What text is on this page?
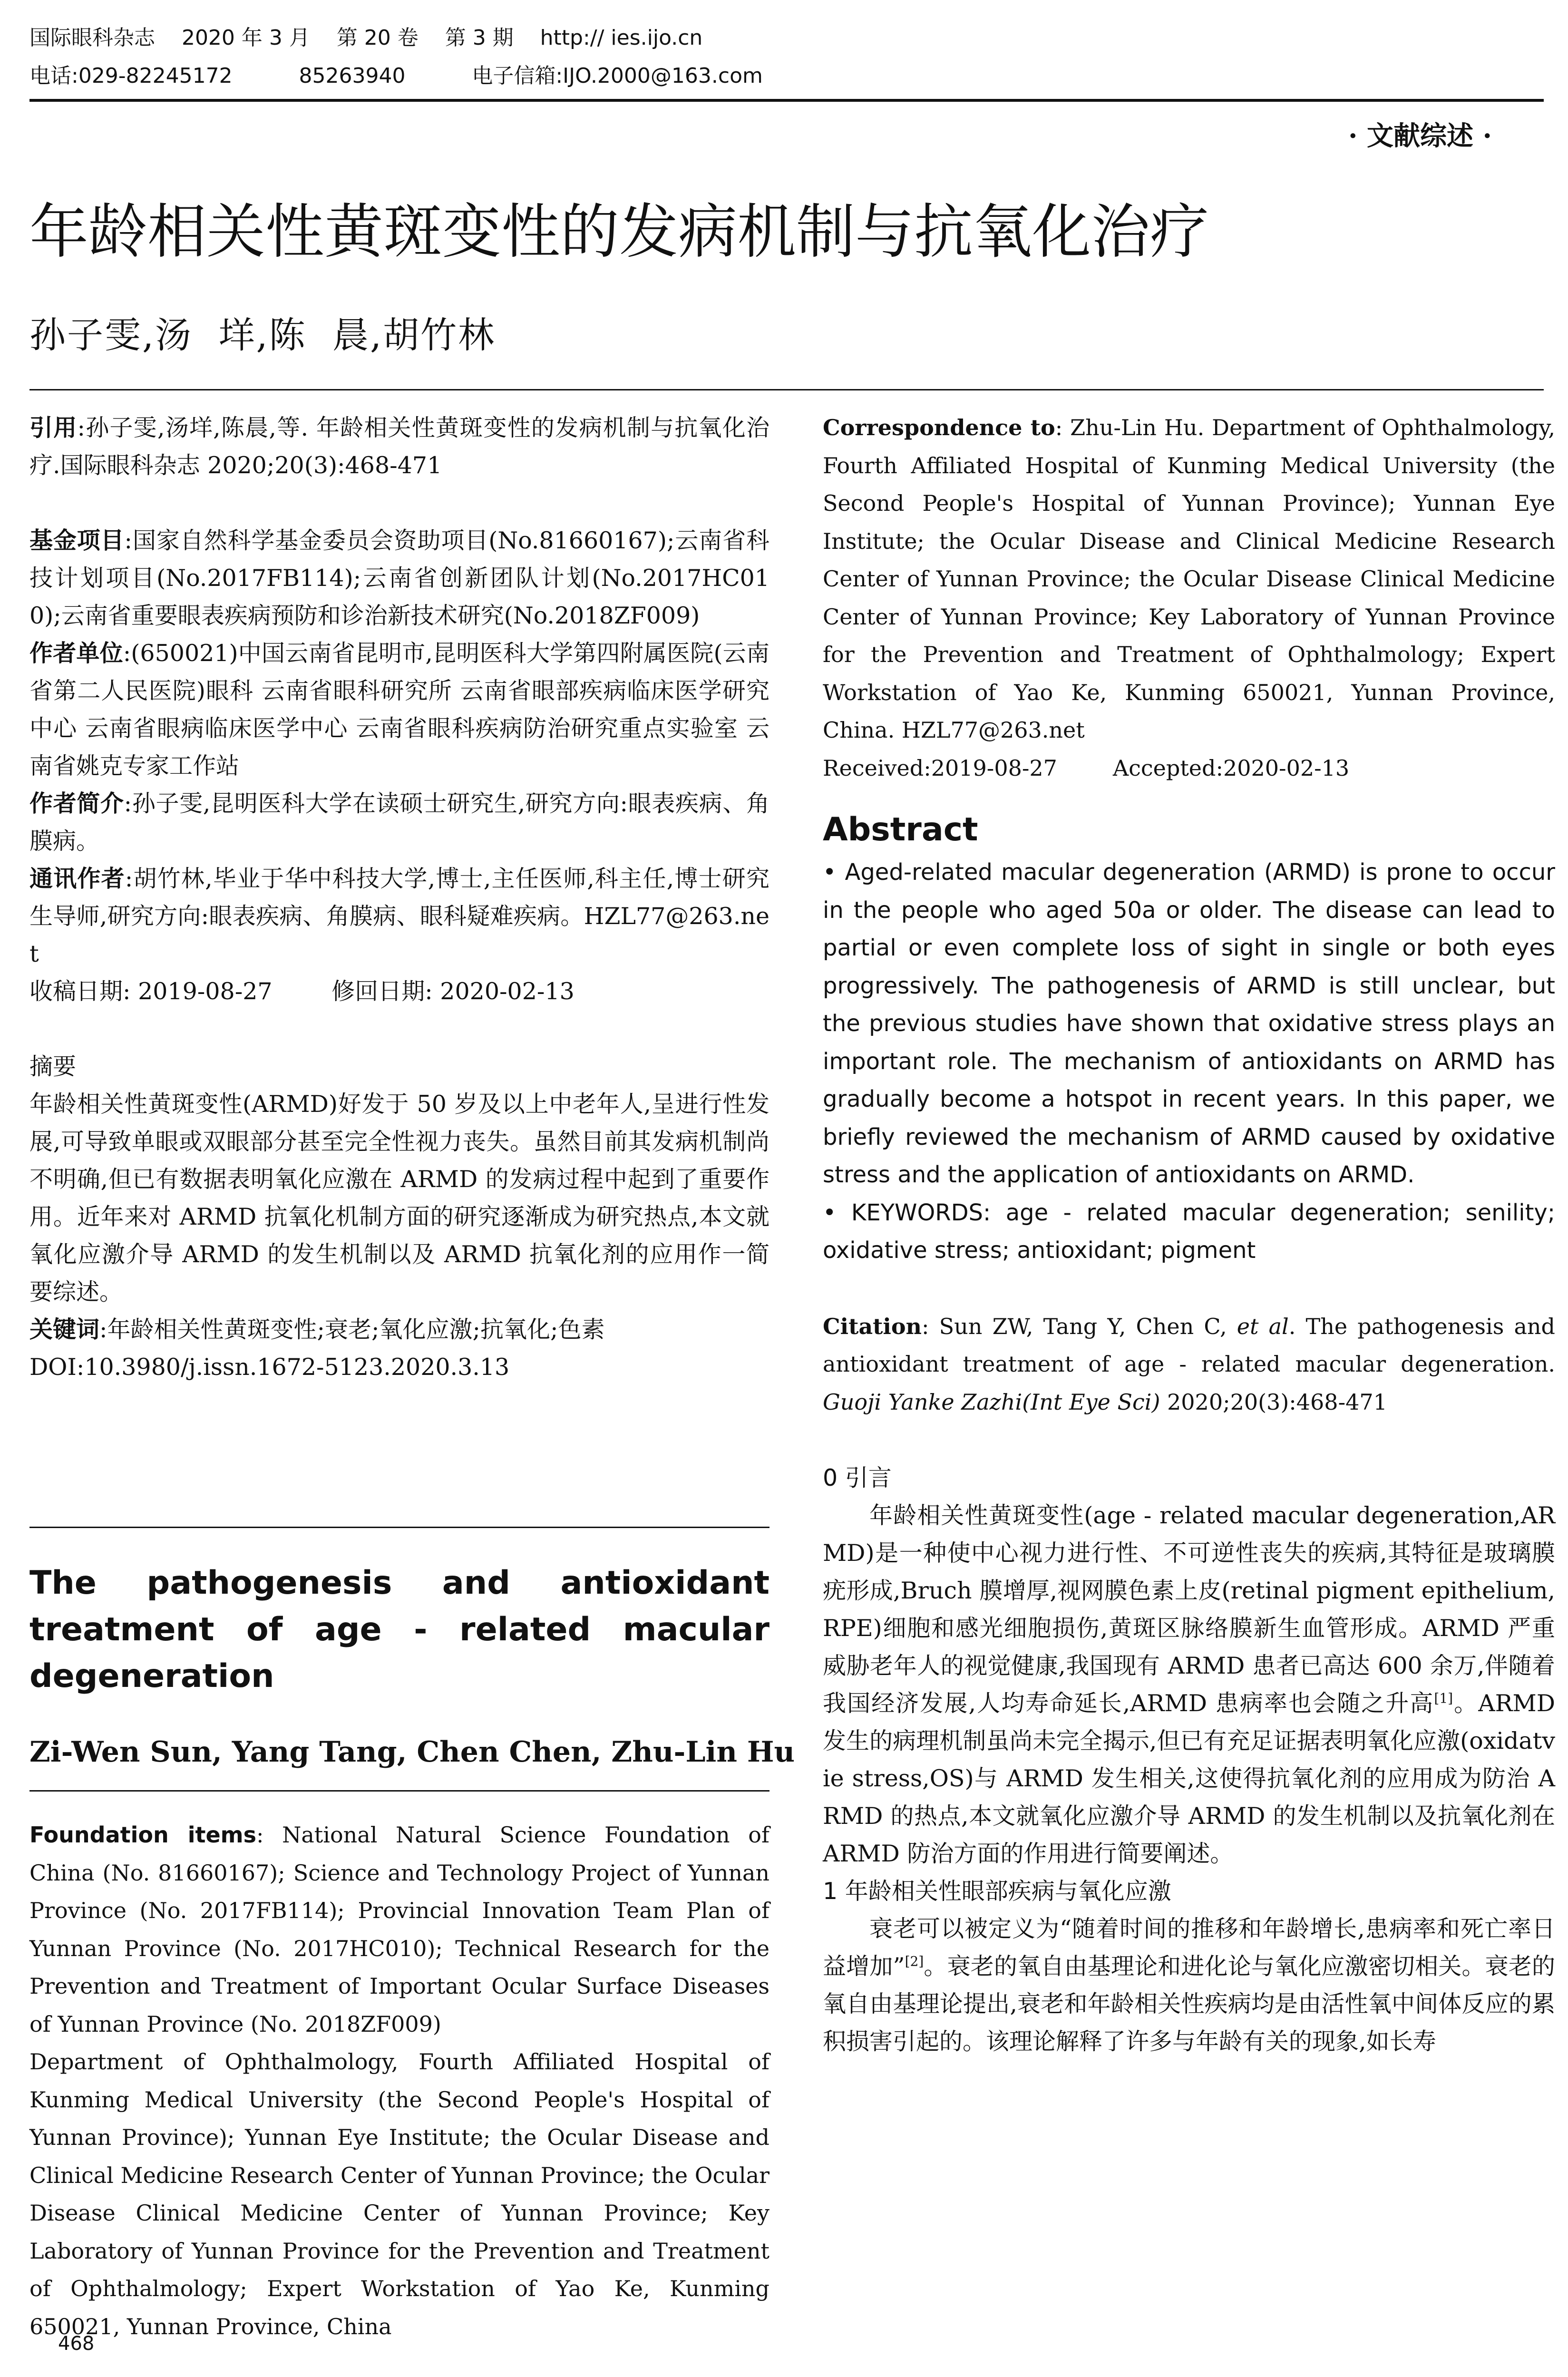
国际眼科杂志    2020 年 3 月    第 20 卷    第 3 期    http:// ies.ijo.cn
电话:029-82245172          85263940          电子信箱:IJO.2000@163.com
· 文献综述 ·
年龄相关性黄斑变性的发病机制与抗氧化治疗
孙子雯,汤  垟,陈  晨,胡竹林

引用:孙子雯,汤垟,陈晨,等. 年龄相关性黄斑变性的发病机制与抗氧化治疗.国际眼科杂志 2020;20(3):468-471

基金项目:国家自然科学基金委员会资助项目(No.81660167);云南省科技计划项目(No.2017FB114);云南省创新团队计划(No.2017HC010);云南省重要眼表疾病预防和诊治新技术研究(No.2018ZF009)

作者单位:(650021)中国云南省昆明市,昆明医科大学第四附属医院(云南省第二人民医院)眼科 云南省眼科研究所 云南省眼部疾病临床医学研究中心 云南省眼病临床医学中心 云南省眼科疾病防治研究重点实验室 云南省姚克专家工作站

作者简介:孙子雯,昆明医科大学在读硕士研究生,研究方向:眼表疾病、角膜病。

通讯作者:胡竹林,毕业于华中科技大学,博士,主任医师,科主任,博士研究生导师,研究方向:眼表疾病、角膜病、眼科疑难疾病。HZL77@263.net

收稿日期: 2019-08-27        修回日期: 2020-02-13

摘要

年龄相关性黄斑变性(ARMD)好发于 50 岁及以上中老年人,呈进行性发展,可导致单眼或双眼部分甚至完全性视力丧失。虽然目前其发病机制尚不明确,但已有数据表明氧化应激在 ARMD 的发病过程中起到了重要作用。近年来对 ARMD 抗氧化机制方面的研究逐渐成为研究热点,本文就氧化应激介导 ARMD 的发生机制以及 ARMD 抗氧化剂的应用作一简要综述。

关键词:年龄相关性黄斑变性;衰老;氧化应激;抗氧化;色素

DOI:10.3980/j.issn.1672-5123.2020.3.13

The pathogenesis and antioxidant treatment of age - related macular degeneration

Zi-Wen Sun, Yang Tang, Chen Chen, Zhu-Lin Hu

Foundation items: National Natural Science Foundation of China (No. 81660167); Science and Technology Project of Yunnan Province (No. 2017FB114); Provincial Innovation Team Plan of Yunnan Province (No. 2017HC010); Technical Research for the Prevention and Treatment of Important Ocular Surface Diseases of Yunnan Province (No. 2018ZF009)

Department of Ophthalmology, Fourth Affiliated Hospital of Kunming Medical University (the Second People's Hospital of Yunnan Province); Yunnan Eye Institute; the Ocular Disease and Clinical Medicine Research Center of Yunnan Province; the Ocular Disease Clinical Medicine Center of Yunnan Province; Key Laboratory of Yunnan Province for the Prevention and Treatment of Ophthalmology; Expert Workstation of Yao Ke, Kunming 650021, Yunnan Province, China

Correspondence to: Zhu-Lin Hu. Department of Ophthalmology, Fourth Affiliated Hospital of Kunming Medical University (the Second People's Hospital of Yunnan Province); Yunnan Eye Institute; the Ocular Disease and Clinical Medicine Research Center of Yunnan Province; the Ocular Disease Clinical Medicine Center of Yunnan Province; Key Laboratory of Yunnan Province for the Prevention and Treatment of Ophthalmology; Expert Workstation of Yao Ke, Kunming 650021, Yunnan Province, China. HZL77@263.net

Received:2019-08-27        Accepted:2020-02-13

Abstract

• Aged-related macular degeneration (ARMD) is prone to occur in the people who aged 50a or older. The disease can lead to partial or even complete loss of sight in single or both eyes progressively. The pathogenesis of ARMD is still unclear, but the previous studies have shown that oxidative stress plays an important role. The mechanism of antioxidants on ARMD has gradually become a hotspot in recent years. In this paper, we briefly reviewed the mechanism of ARMD caused by oxidative stress and the application of antioxidants on ARMD.

• KEYWORDS: age - related macular degeneration; senility; oxidative stress; antioxidant; pigment

Citation: Sun ZW, Tang Y, Chen C, et al. The pathogenesis and antioxidant treatment of age - related macular degeneration. Guoji Yanke Zazhi(Int Eye Sci) 2020;20(3):468-471

0 引言

年龄相关性黄斑变性(age - related macular degeneration,ARMD)是一种使中心视力进行性、不可逆性丧失的疾病,其特征是玻璃膜疣形成,Bruch 膜增厚,视网膜色素上皮(retinal pigment epithelium,RPE)细胞和感光细胞损伤,黄斑区脉络膜新生血管形成。ARMD 严重威胁老年人的视觉健康,我国现有 ARMD 患者已高达 600 余万,伴随着我国经济发展,人均寿命延长,ARMD 患病率也会随之升高[1]。ARMD 发生的病理机制虽尚未完全揭示,但已有充足证据表明氧化应激(oxidatvie stress,OS)与 ARMD 发生相关,这使得抗氧化剂的应用成为防治 ARMD 的热点,本文就氧化应激介导 ARMD 的发生机制以及抗氧化剂在 ARMD 防治方面的作用进行简要阐述。

1 年龄相关性眼部疾病与氧化应激

衰老可以被定义为“随着时间的推移和年龄增长,患病率和死亡率日益增加”[2]。衰老的氧自由基理论和进化论与氧化应激密切相关。衰老的氧自由基理论提出,衰老和年龄相关性疾病均是由活性氧中间体反应的累积损害引起的。该理论解释了许多与年龄有关的现象,如长寿

468
